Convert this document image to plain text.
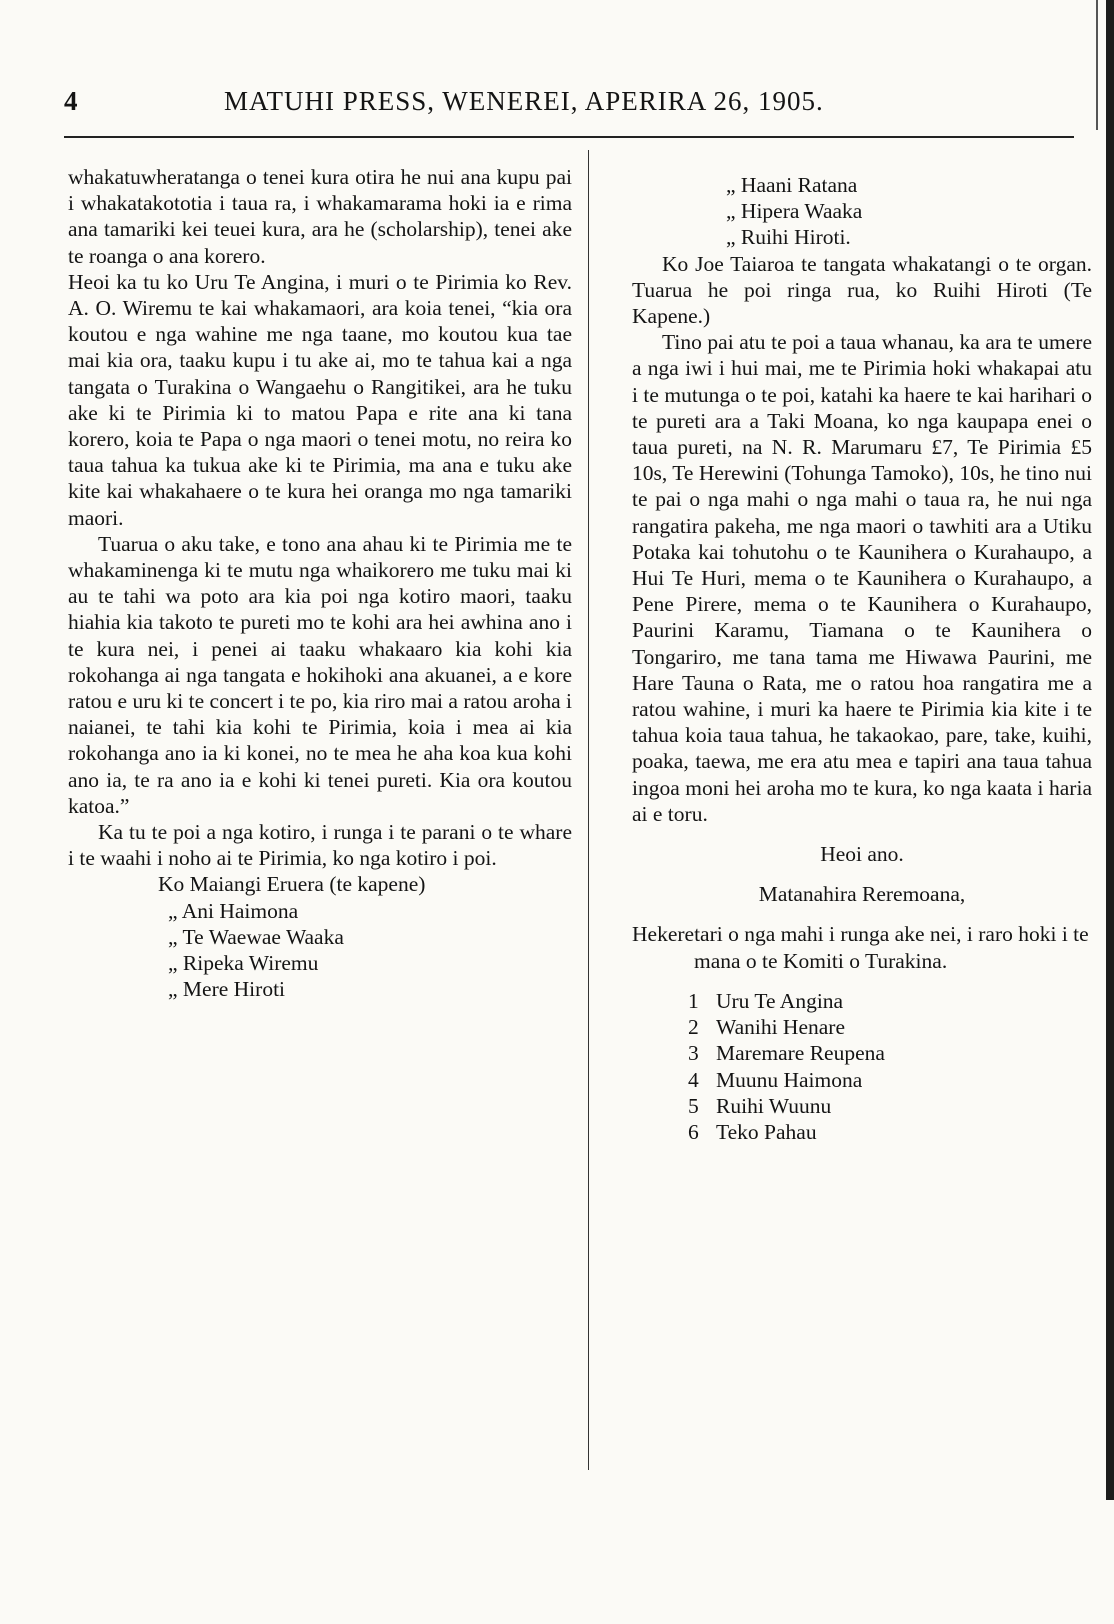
4	MATUHI PRESS, WENEREI, APERIRA 26, 1905.

whakatuwheratanga o tenei kura otira he nui ana kupu pai i whakatakototia i taua ra, i whakamarama hoki ia e rima ana tamariki kei teuei kura, ara he (scholarship), tenei ake te roanga o ana korero.

Heoi ka tu ko Uru Te Angina, i muri o te Pirimia ko Rev. A. O. Wiremu te kai whakamaori, ara koia tenei, “kia ora koutou e nga wahine me nga taane, mo koutou kua tae mai kia ora, taaku kupu i tu ake ai, mo te tahua kai a nga tangata o Turakina o Wangaehu o Rangitikei, ara he tuku ake ki te Pirimia ki to matou Papa e rite ana ki tana korero, koia te Papa o nga maori o tenei motu, no reira ko taua tahua ka tukua ake ki te Pirimia, ma ana e tuku ake kite kai whakahaere o te kura hei oranga mo nga tamariki maori.

Tuarua o aku take, e tono ana ahau ki te Pirimia me te whakaminenga ki te mutu nga whaikorero me tuku mai ki au te tahi wa poto ara kia poi nga kotiro maori, taaku hiahia kia takoto te pureti mo te kohi ara hei awhina ano i te kura nei, i penei ai taaku whakaaro kia kohi kia rokohanga ai nga tangata e hokihoki ana akuanei, a e kore ratou e uru ki te concert i te po, kia riro mai a ratou aroha i naianei, te tahi kia kohi te Pirimia, koia i mea ai kia rokohanga ano ia ki konei, no te mea he aha koa kua kohi ano ia, te ra ano ia e kohi ki tenei pureti. Kia ora koutou katoa.”

Ka tu te poi a nga kotiro, i runga i te parani o te whare i te waahi i noho ai te Pirimia, ko nga kotiro i poi.

Ko Maiangi Eruera (te kapene)
„ Ani Haimona
„ Te Waewae Waaka
„ Ripeka Wiremu
„ Mere Hiroti
„ Haani Ratana
„ Hipera Waaka
„ Ruihi Hiroti.

Ko Joe Taiaroa te tangata whakatangi o te organ. Tuarua he poi ringa rua, ko Ruihi Hiroti (Te Kapene.)

Tino pai atu te poi a taua whanau, ka ara te umere a nga iwi i hui mai, me te Pirimia hoki whakapai atu i te mutunga o te poi, katahi ka haere te kai harihari o te pureti ara a Taki Moana, ko nga kaupapa enei o taua pureti, na N. R. Marumaru £7, Te Pirimia £5 10s, Te Herewini (Tohunga Tamoko), 10s, he tino nui te pai o nga mahi o nga mahi o taua ra, he nui nga rangatira pakeha, me nga maori o tawhiti ara a Utiku Potaka kai tohutohu o te Kaunihera o Kurahaupo, a Hui Te Huri, mema o te Kaunihera o Kurahaupo, a Pene Pirere, mema o te Kaunihera o Kurahaupo, Paurini Karamu, Tiamana o te Kaunihera o Tongariro, me tana tama me Hiwawa Paurini, me Hare Tauna o Rata, me o ratou hoa rangatira me a ratou wahine, i muri ka haere te Pirimia kia kite i te tahua koia taua tahua, he takaokao, pare, take, kuihi, poaka, taewa, me era atu mea e tapiri ana taua tahua ingoa moni hei aroha mo te kura, ko nga kaata i haria ai e toru.

Heoi ano.

Matanahira Reremoana,

Hekeretari o nga mahi i runga ake nei, i raro hoki i te mana o te Komiti o Turakina.

1 Uru Te Angina
2 Wanihi Henare
3 Maremare Reupena
4 Muunu Haimona
5 Ruihi Wuunu
6 Teko Pahau
